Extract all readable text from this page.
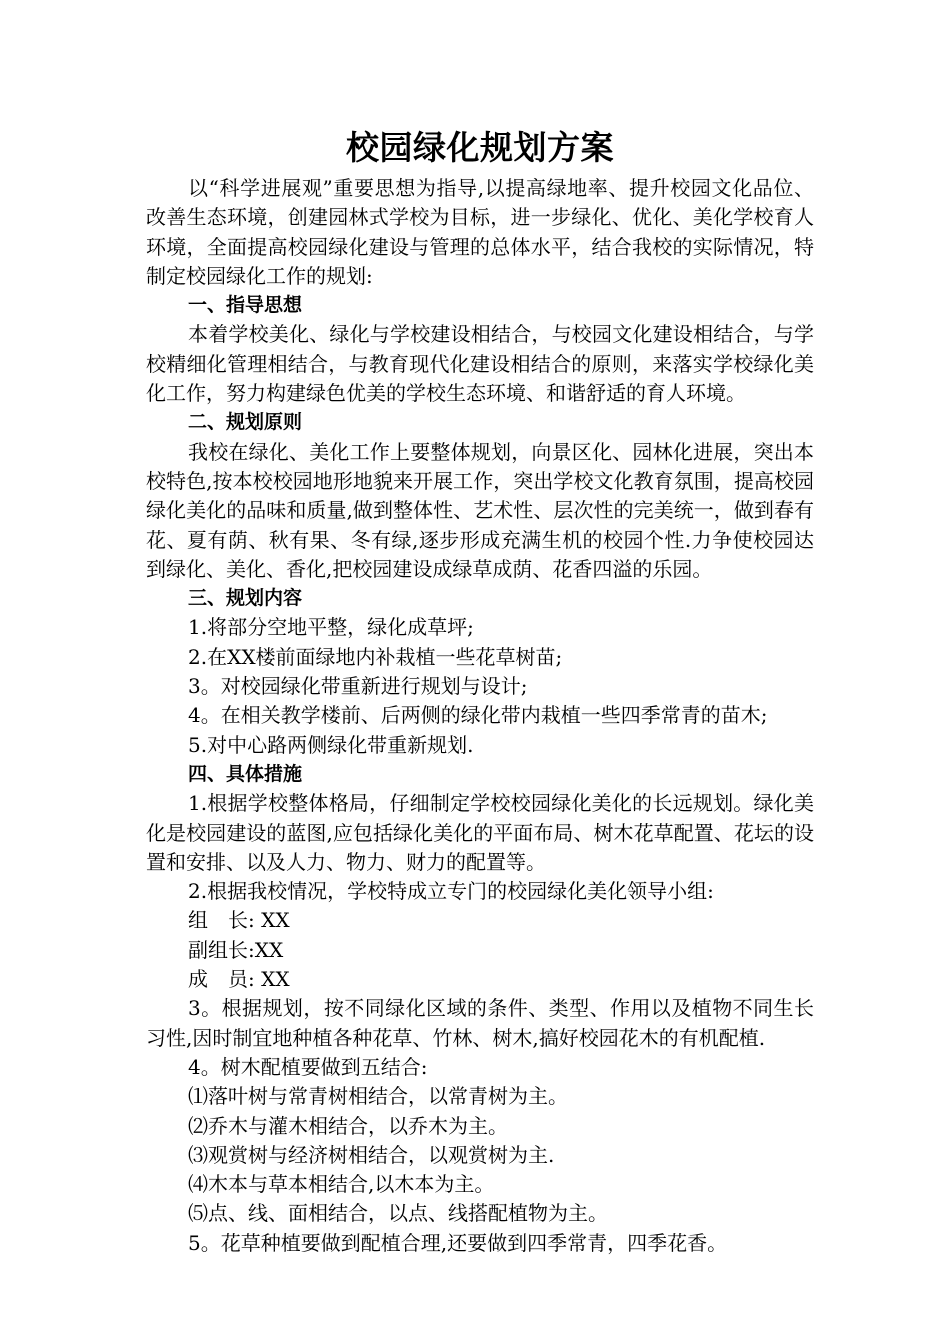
校园绿化规划方案

以“科学进展观”重要思想为指导,以提高绿地率、提升校园文化品位、改善生态环境，创建园林式学校为目标，进一步绿化、优化、美化学校育人环境，全面提高校园绿化建设与管理的总体水平，结合我校的实际情况，特制定校园绿化工作的规划:

一、指导思想

本着学校美化、绿化与学校建设相结合，与校园文化建设相结合，与学校精细化管理相结合，与教育现代化建设相结合的原则，来落实学校绿化美化工作，努力构建绿色优美的学校生态环境、和谐舒适的育人环境。

二、规划原则

我校在绿化、美化工作上要整体规划，向景区化、园林化进展，突出本校特色,按本校校园地形地貌来开展工作，突出学校文化教育氛围，提高校园绿化美化的品味和质量,做到整体性、艺术性、层次性的完美统一，做到春有花、夏有荫、秋有果、冬有绿,逐步形成充满生机的校园个性.力争使校园达到绿化、美化、香化,把校园建设成绿草成荫、花香四溢的乐园。

三、规划内容

1.将部分空地平整，绿化成草坪;

2.在XX楼前面绿地内补栽植一些花草树苗;

3。对校园绿化带重新进行规划与设计;

4。在相关教学楼前、后两侧的绿化带内栽植一些四季常青的苗木;

5.对中心路两侧绿化带重新规划.

四、具体措施

1.根据学校整体格局，仔细制定学校校园绿化美化的长远规划。绿化美化是校园建设的蓝图,应包括绿化美化的平面布局、树木花草配置、花坛的设置和安排、以及人力、物力、财力的配置等。

2.根据我校情况，学校特成立专门的校园绿化美化领导小组:

组　长: XX

副组长:XX

成　员: XX

3。根据规划，按不同绿化区域的条件、类型、作用以及植物不同生长习性,因时制宜地种植各种花草、竹林、树木,搞好校园花木的有机配植.

4。树木配植要做到五结合:

⑴落叶树与常青树相结合，以常青树为主。

⑵乔木与灌木相结合，以乔木为主。

⑶观赏树与经济树相结合，以观赏树为主.

⑷木本与草本相结合,以木本为主。

⑸点、线、面相结合，以点、线搭配植物为主。

5。花草种植要做到配植合理,还要做到四季常青，四季花香。
